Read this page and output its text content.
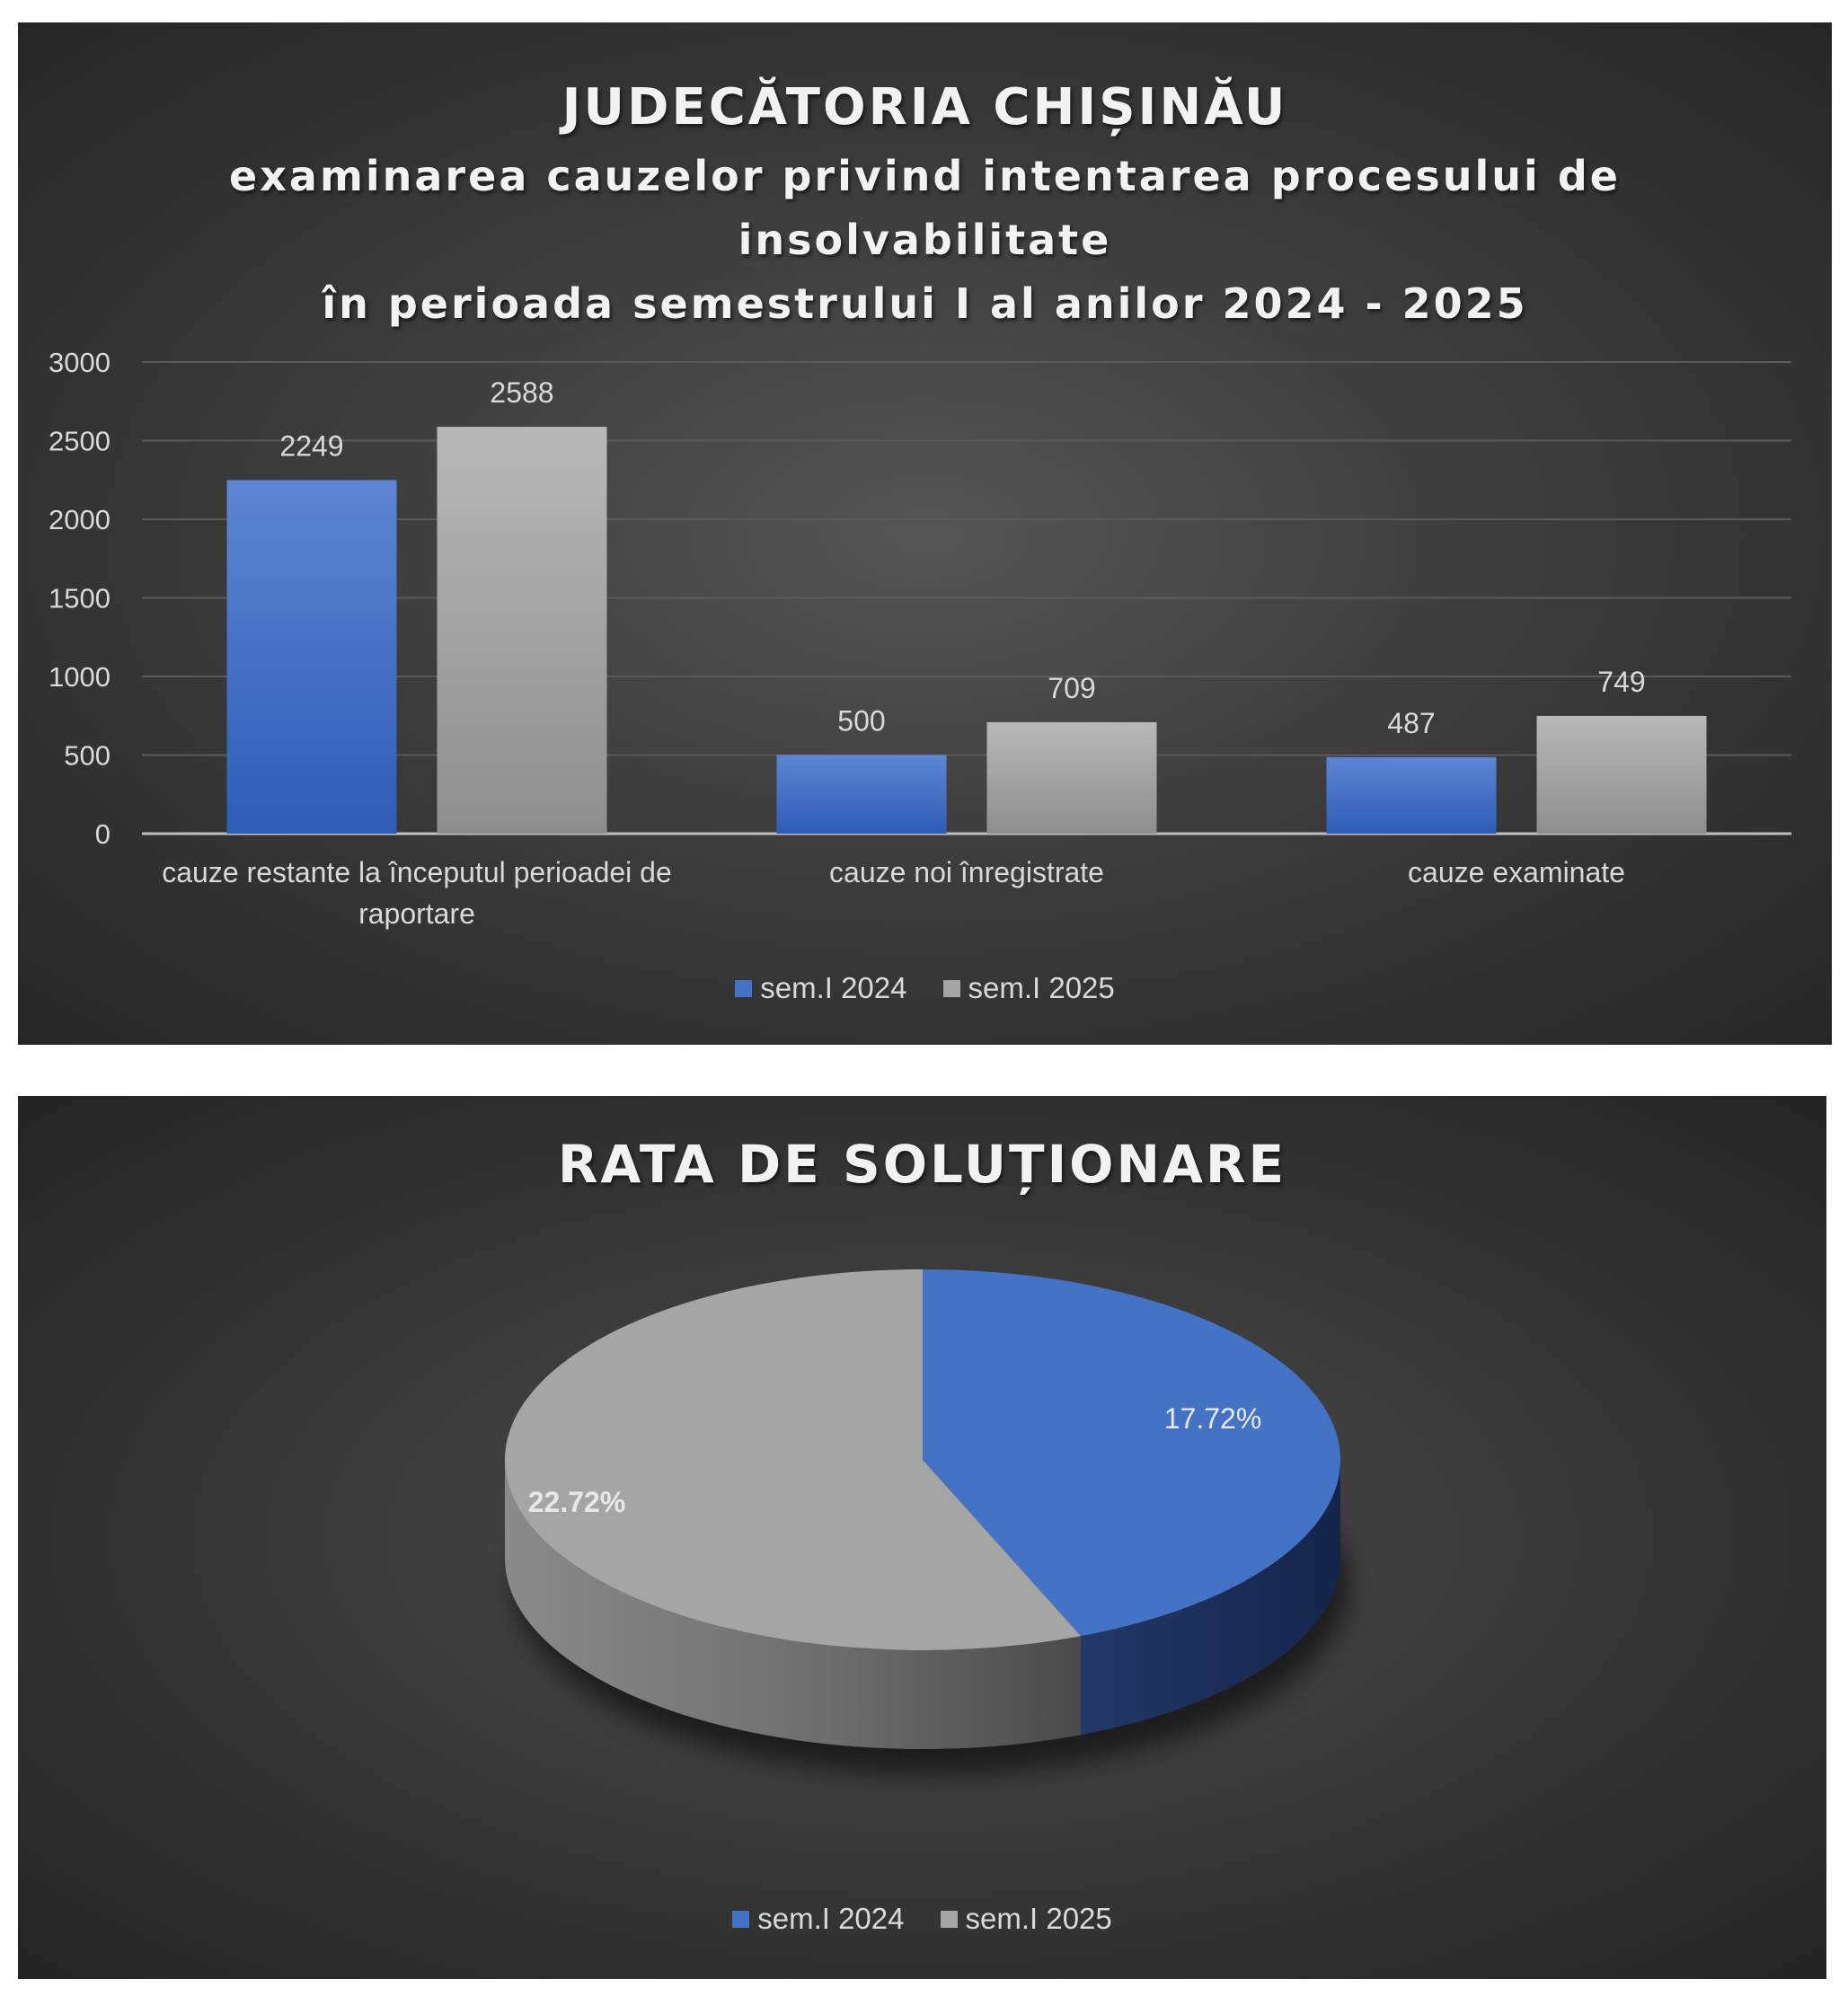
JUDECĂTORIA CHIȘINĂU
examinarea cauzelor privind intentarea procesului de
insolvabilitate
în perioada semestrului I al anilor 2024 - 2025
0
500
1000
1500
2000
2500
3000
2249
2588
cauze restante la începutul perioadei de
raportare
500
709
cauze noi înregistrate
487
749
cauze examinate
sem.I 2024 sem.I 2025
RATA DE SOLUȚIONARE
17.72%
22.72%
sem.I 2024 sem.I 2025
